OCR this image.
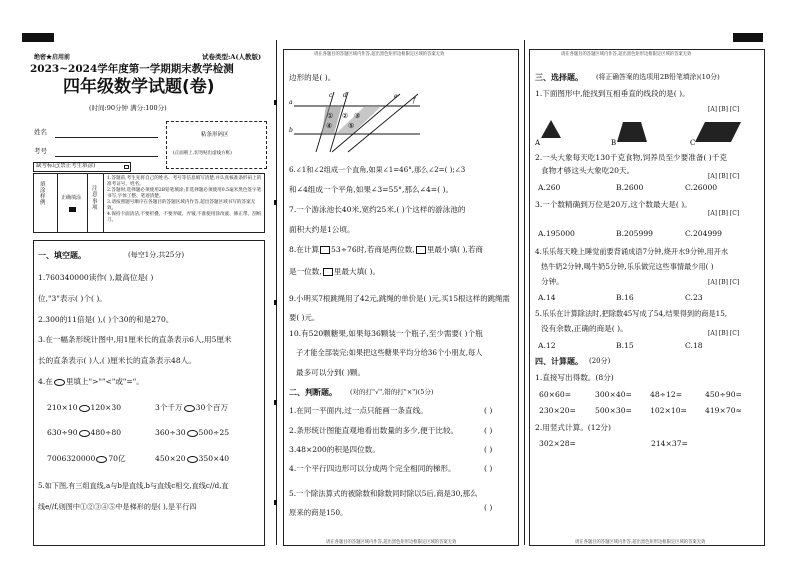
绝密★启用前	试卷类型:A(人教版)
2023~2024学年度第一学期期末教学检测
四年级数学试题(卷)
(时间:90分钟 满分:100分)
姓名
考号
粘条形码区
(正面朝上,切勿贴出虚线方框)
缺考标记(禁止考生填涂)
填涂样例
正确填涂
注意事项
1.答题前,考生先将自己的姓名、考号等信息填写清楚,并认真核准条形码上的准考证号、姓名。
2.答题时,选择题必须使用2B铅笔填涂;非选择题必须使用0.5毫米黑色签字笔书写,字体工整、笔迹清楚。
3.请按照题号顺序在各题目的答题区域内作答,超出答题区域书写的答案无效。
4.保持卡面清洁,不要折叠、不要弄破、弄皱,不准使用涂改液、修正带、刮纸刀。
一、填空题。	(每空1分,共25分)
1.760340000读作( ),最高位是( )
位,"3"表示( )个( )。
2.300的11倍是( ),( )个30的和是270。
3.在一幅条形统计图中,用1厘米长的直条表示6人,用5厘米
长的直条表示( )人,( )厘米长的直条表示48人。
4.在 里填上">""<"或"="。
210×10 120×30	3个千万 30个百万
630÷90 480÷80	360÷30 500÷25
7006320000 70亿	450×20 350×40
5.如下图,有三组直线,a与b是直线,b与直线c相交,直线c//d,直
线e//f,则图中①②③④⑤中是梯形的是( ),是平行四
请在各题目的答题区域内作答,超出黑色矩形边框限定区域的答案无效
请在各题目的答题区域内作答,超出黑色矩形边框限定区域的答案无效
边形的是( )。
a
b
c d	e
f
① ② ③
④ ⑤
6.∠1和∠2组成一个直角,如果∠1=46°,那么∠2=( );∠3
和∠4组成一个平角,如果∠3=55°,那么∠4=( )。
7.一个游泳池长40米,宽约25米,( )个这样的游泳池的
面积大约是1公顷。
8.在计算 53÷76时,若商是两位数, 里最小填( ),若商
是一位数, 里最大填( )。
9.小明买7根跳绳用了42元,跳绳的单价是( )元,买15根这样的跳绳需要( )元。
10.有520颗糖果,如果每36颗装一个瓶子,至少需要( )个瓶
子才能全部装完;如果把这些糖果平均分给36个小朋友,每人
最多可以分到( )颗。
二、判断题。 (对的打"√",错的打"×")(5分)
1.在同一平面内,过一点只能画一条直线。	( )
2.条形统计图能直观地看出数量的多少,便于比较。	( )
3.48×200的积是四位数。	( )
4.一个平行四边形可以分成两个完全相同的梯形。	( )
5.一个除法算式的被除数和除数同时除以5后,商是30,那么原来的商是150。
( )
请在各题目的答题区域内作答,超出黑色矩形边框限定区域的答案无效
请在各题目的答题区域内作答,超出黑色矩形边框限定区域的答案无效
三、选择题。 (将正确答案的选项用2B铅笔填涂)(10分)
1.下面图形中,能找到互相垂直的线段的是( )。
[A] [B] [C]
A	B	C
2.一头大象每天吃130千克食物,饲养员至少要准备( )千克
食物才够这头大象吃20天。
[A] [B] [C]
A.260	B.2600	C.26000
3.一个数精确到万位是20万,这个数最大是( )。
[A] [B] [C]
A.195000	B.205999	C.204999
4.乐乐每天晚上睡觉前要背诵成语7分钟,烧开水9分钟,用开水
热牛奶2分钟,喝牛奶5分钟,乐乐做完这些事情最少用( )
分钟。	[A] [B] [C]
A.14	B.16	C.23
5.乐乐在计算除法时,把除数45写成了54,结果得到的商是15,
没有余数,正确的商是( )。
[A] [B] [C]
A.12	B.15	C.18
四、计算题。 (20分)
1.直接写出得数。(8分)
60×60=	300×40= 48÷12=	450÷90=
230×20=	500×30= 102×10= 419×70≈
2.用竖式计算。(12分)
302×28=	214×37=
